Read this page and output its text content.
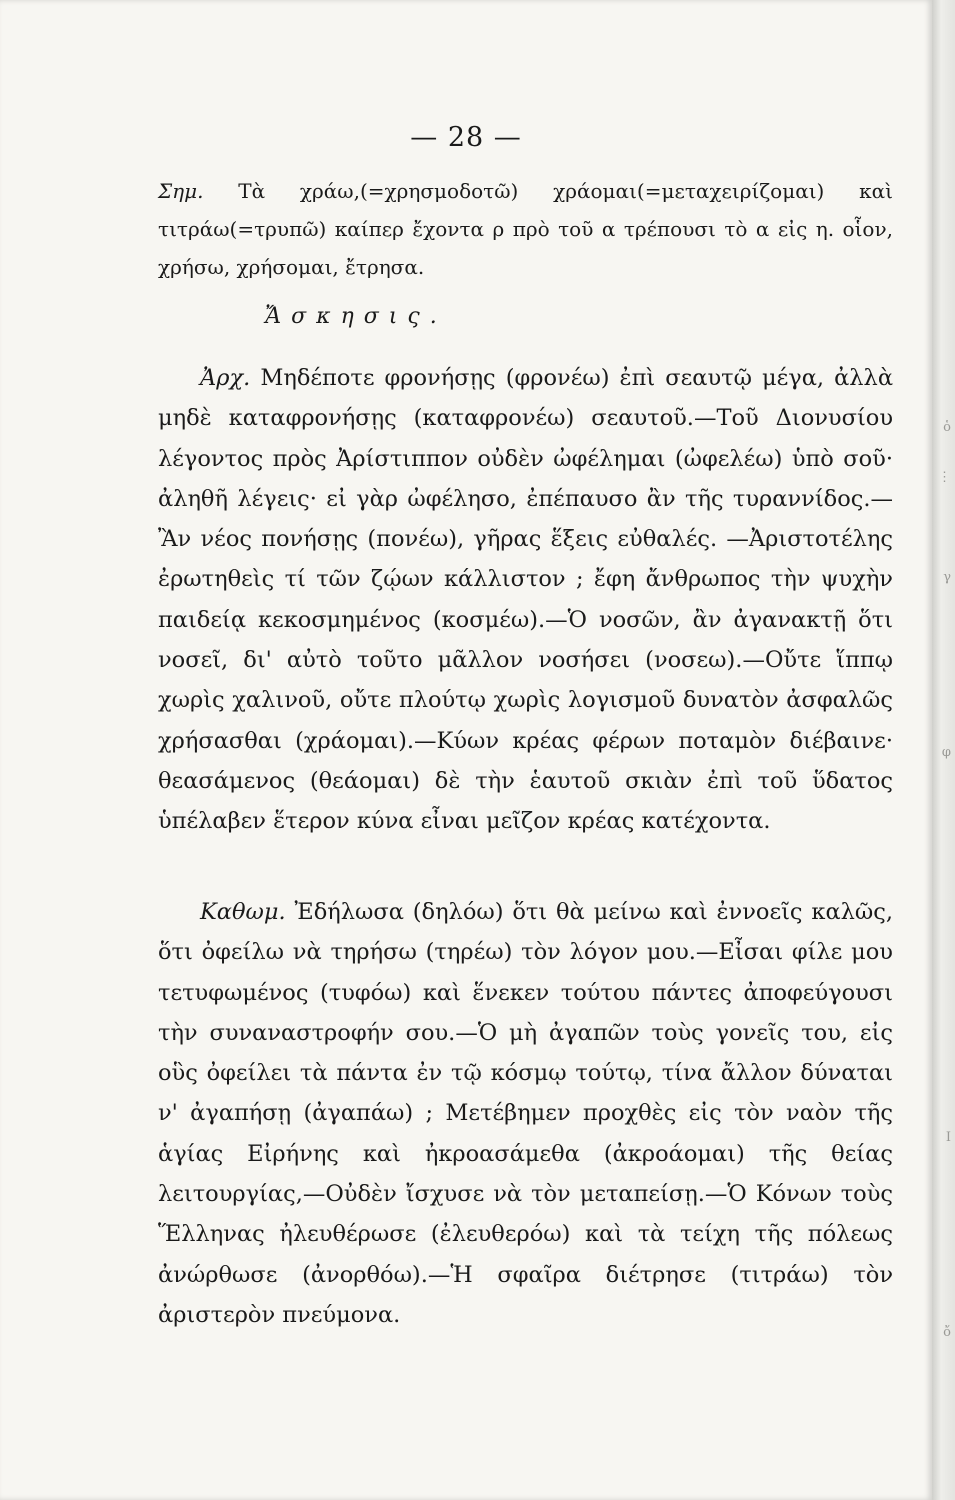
— 28 —
Σημ. Τὰ χράω,(=χρησμοδοτῶ) χράομαι(=μεταχειρίζομαι) καὶ τιτράω(=τρυπῶ) καίπερ ἔχοντα ρ πρὸ τοῦ α τρέπουσι τὸ α εἰς η. οἷον, χρήσω, χρήσομαι, ἔτρησα.
Ἄσκησις.
Ἀρχ. Μηδέποτε φρονήσῃς (φρονέω) ἐπὶ σεαυτῷ μέγα, ἀλλὰ μηδὲ καταφρονήσῃς (καταφρονέω) σεαυτοῦ.—Τοῦ Διονυσίου λέγοντος πρὸς Ἀρίστιππον οὐδὲν ὠφέλημαι (ὠφελέω) ὑπὸ σοῦ· ἀληθῆ λέγεις· εἰ γὰρ ὠφέλησο, ἐπέπαυσο ἂν τῆς τυραννίδος.— Ἂν νέος πονήσῃς (πονέω), γῆρας ἕξεις εὐθαλές. —Ἀριστοτέλης ἐρωτηθεὶς τί τῶν ζῴων κάλλιστον ; ἔφη ἄνθρωπος τὴν ψυχὴν παιδείᾳ κεκοσμημένος (κοσμέω).—Ὁ νοσῶν, ἂν ἀγανακτῇ ὅτι νοσεῖ, δι' αὐτὸ τοῦτο μᾶλλον νοσήσει (νοσεω).—Οὔτε ἵππῳ χωρὶς χαλινοῦ, οὔτε πλούτῳ χωρὶς λογισμοῦ δυνατὸν ἀσφαλῶς χρήσασθαι (χράομαι).—Κύων κρέας φέρων ποταμὸν διέβαινε· θεασάμενος (θεάομαι) δὲ τὴν ἑαυτοῦ σκιὰν ἐπὶ τοῦ ὕδατος ὑπέλαβεν ἕτερον κύνα εἶναι μεῖζον κρέας κατέχοντα.
Καθωμ. Ἐδήλωσα (δηλόω) ὅτι θὰ μείνω καὶ ἐννοεῖς καλῶς, ὅτι ὀφείλω νὰ τηρήσω (τηρέω) τὸν λόγον μου.—Εἶσαι φίλε μου τετυφωμένος (τυφόω) καὶ ἕνεκεν τούτου πάντες ἀποφεύγουσι τὴν συναναστροφήν σου.—Ὁ μὴ ἀγαπῶν τοὺς γονεῖς του, εἰς οὓς ὀφείλει τὰ πάντα ἐν τῷ κόσμῳ τούτῳ, τίνα ἄλλον δύναται ν' ἀγαπήσῃ (ἀγαπάω) ; Μετέβημεν προχθὲς εἰς τὸν ναὸν τῆς ἁγίας Εἰρήνης καὶ ἠκροασάμεθα (ἀκροάομαι) τῆς θείας λειτουργίας,—Οὐδὲν ἴσχυσε νὰ τὸν μεταπείσῃ.—Ὁ Κόνων τοὺς Ἕλληνας ἠλευθέρωσε (ἐλευθερόω) καὶ τὰ τείχη τῆς πόλεως ἀνώρθωσε (ἀνορθόω).—Ἡ σφαῖρα διέτρησε (τιτράω) τὸν ἀριστερὸν πνεύμονα.
ὁ
⋮
γ
φ
I
ὄ
